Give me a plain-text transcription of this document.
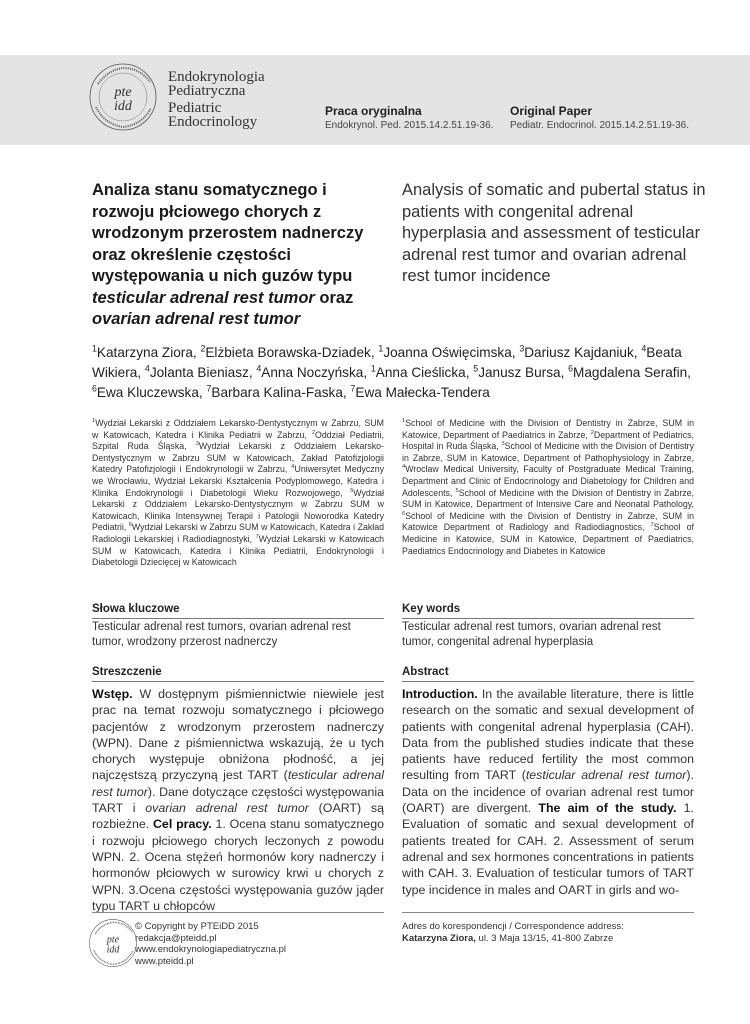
pte
idd
Endokrynologia
Pediatryczna
Pediatric
Endocrinology
Praca oryginalna
Endokrynol. Ped. 2015.14.2.51.19-36.
Original Paper
Pediatr. Endocrinol. 2015.14.2.51.19-36.
Analiza stanu somatycznego i rozwoju płciowego chorych z wrodzonym przerostem nadnerczy oraz określenie częstości występowania u nich guzów typu testicular adrenal rest tumor oraz ovarian adrenal rest tumor
Analysis of somatic and pubertal status in patients with congenital adrenal hyperplasia and assessment of testicular adrenal rest tumor and ovarian adrenal rest tumor incidence
$^1$Katarzyna Ziora, $^2$Elżbieta Borawska-Dziadek, $^1$Joanna Oświęcimska, $^3$Dariusz Kajdaniuk, $^4$Beata Wikiera, $^4$Jolanta Bieniasz, $^4$Anna Noczyńska, $^1$Anna Cieślicka, $^5$Janusz Bursa, $^6$Magdalena Serafin, $^6$Ewa Kluczewska, $^7$Barbara Kalina-Faska, $^7$Ewa Małecka-Tendera
$^1$Wydział Lekarski z Oddziałem Lekarsko-Dentystycznym w Zabrzu, SUM w Katowicach, Katedra i Klinika Pediatrii w Zabrzu, $^2$Oddział Pediatrii, Szpital Ruda Śląska, $^3$Wydział Lekarski z Oddziałem Lekarsko-Dentystycznym w Zabrzu SUM w Katowicach, Zakład Patofizjologii Katedry Patofizjologii i Endokrynologii w Zabrzu, $^4$Uniwersytet Medyczny we Wrocławiu, Wydział Lekarski Kształcenia Podyplomowego, Katedra i Klinika Endokrynologii i Diabetologii Wieku Rozwojowego, $^5$Wydział Lekarski z Oddziałem Lekarsko-Dentystycznym w Zabrzu SUM w Katowicach, Klinika Intensywnej Terapii i Patologii Noworodka Katedry Pediatrii, $^6$Wydział Lekarski w Zabrzu SUM w Katowicach, Katedra i Zakład Radiologii Lekarskiej i Radiodiagnostyki, $^7$Wydział Lekarski w Katowicach SUM w Katowicach, Katedra i Klinika Pediatrii, Endokrynologii i Diabetologii Dziecięcej w Katowicach
$^1$School of Medicine with the Division of Dentistry in Zabrze, SUM in Katowice, Department of Paediatrics in Zabrze, $^2$Department of Pediatrics, Hospital in Ruda Śląska, $^3$School of Medicine with the Division of Dentistry in Zabrze, SUM in Katowice, Department of Pathophysiology in Zabrze, $^4$Wroclaw Medical University, Faculty of Postgraduate Medical Training, Department and Clinic of Endocrinology and Diabetology for Children and Adolescents, $^5$School of Medicine with the Division of Dentistry in Zabrze, SUM in Katowice, Department of Intensive Care and Neonatal Pathology, $^6$School of Medicine with the Division of Dentistry in Zabrze, SUM in Katowice Department of Radiology and Radiodiagnostics, $^7$School of Medicine in Katowice, SUM in Katowice, Department of Paediatrics, Paediatrics Endocrinology and Diabetes in Katowice
Słowa kluczowe
Testicular adrenal rest tumors, ovarian adrenal rest tumor, wrodzony przerost nadnerczy
Key words
Testicular adrenal rest tumors, ovarian adrenal rest tumor, congenital adrenal hyperplasia
Streszczenie
Wstęp. W dostępnym piśmiennictwie niewiele jest prac na temat rozwoju somatycznego i płciowego pacjentów z wrodzonym przerostem nadnerczy (WPN). Dane z piśmiennictwa wskazują, że u tych chorych występuje obniżona płodność, a jej najczęstszą przyczyną jest TART (testicular adrenal rest tumor). Dane dotyczące częstości występowania TART i ovarian adrenal rest tumor (OART) są rozbieżne. Cel pracy. 1. Ocena stanu somatycznego i rozwoju płciowego chorych leczonych z powodu WPN. 2. Ocena stężeń hormonów kory nadnerczy i hormonów płciowych w surowicy krwi u chorych z WPN. 3.Ocena częstości występowania guzów jąder typu TART u chłopców
Abstract
Introduction. In the available literature, there is little research on the somatic and sexual development of patients with congenital adrenal hyperplasia (CAH). Data from the published studies indicate that these patients have reduced fertility the most common resulting from TART (testicular adrenal rest tumor). Data on the incidence of ovarian adrenal rest tumor (OART) are divergent. The aim of the study. 1. Evaluation of somatic and sexual development of patients treated for CAH. 2. Assessment of serum adrenal and sex hormones concentrations in patients with CAH. 3. Evaluation of testicular tumors of TART type incidence in males and OART in girls and wo-
pte
idd
© Copyright by PTEiDD 2015
redakcja@pteidd.pl
www.endokrynologiapediatryczna.pl
www.pteidd.pl
Adres do korespondencji / Correspondence address:
Katarzyna Ziora, ul. 3 Maja 13/15, 41-800 Zabrze
